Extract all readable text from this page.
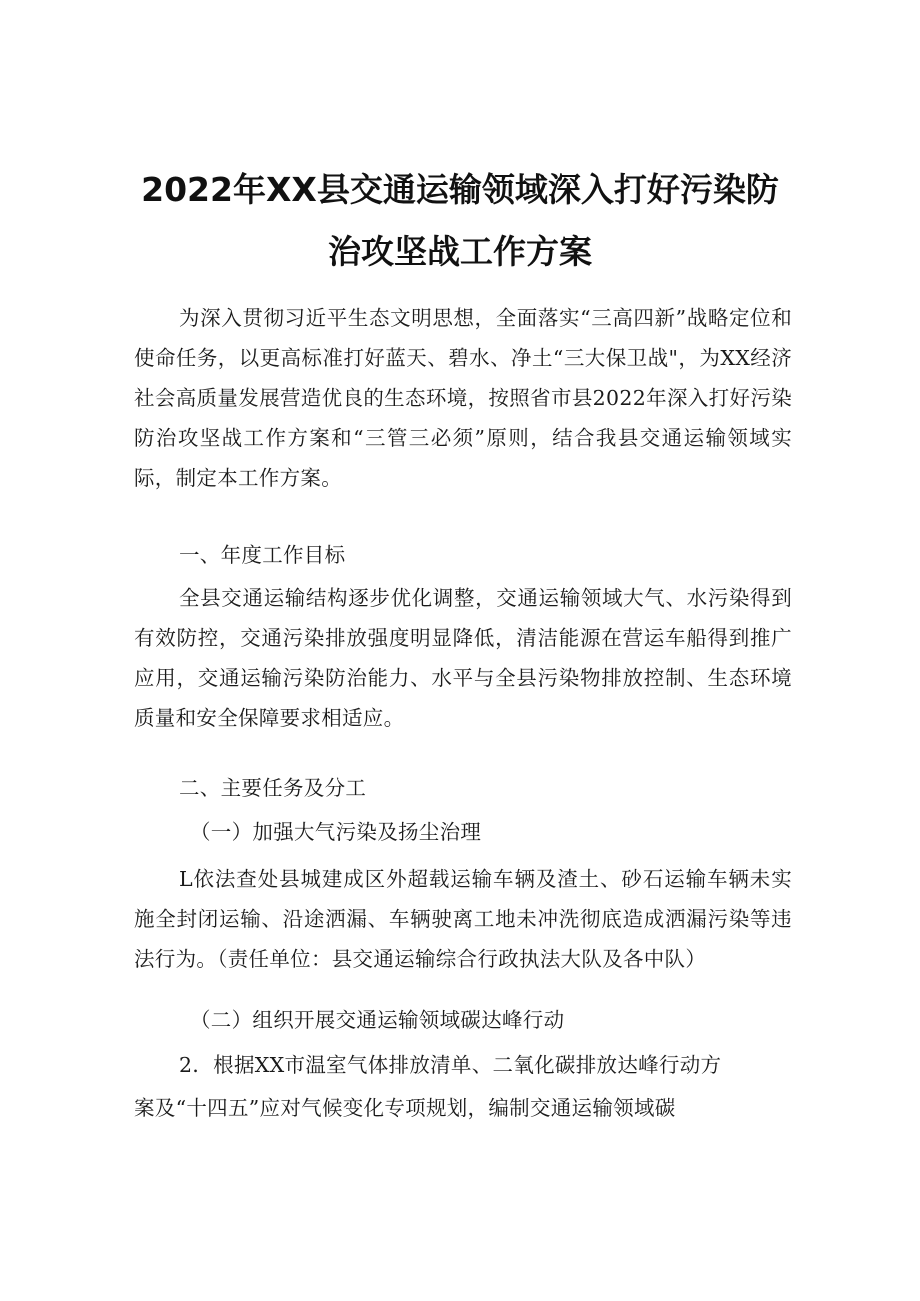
2022年XX县交通运输领域深入打好污染防
治攻坚战工作方案

为深入贯彻习近平生态文明思想，全面落实“三高四新”战略定位和使命任务，以更高标准打好蓝天、碧水、净土“三大保卫战"，为XX经济社会高质量发展营造优良的生态环境，按照省市县2022年深入打好污染防治攻坚战工作方案和“三管三必须”原则，结合我县交通运输领域实际，制定本工作方案。

一、年度工作目标

全县交通运输结构逐步优化调整，交通运输领域大气、水污染得到有效防控，交通污染排放强度明显降低，清洁能源在营运车船得到推广应用，交通运输污染防治能力、水平与全县污染物排放控制、生态环境质量和安全保障要求相适应。

二、主要任务及分工

（一）加强大气污染及扬尘治理

L依法查处县城建成区外超载运输车辆及渣土、砂石运输车辆未实施全封闭运输、沿途洒漏、车辆驶离工地未冲洗彻底造成洒漏污染等违法行为。（责任单位：县交通运输综合行政执法大队及各中队）

（二）组织开展交通运输领域碳达峰行动

2．根据XX市温室气体排放清单、二氧化碳排放达峰行动方

案及“十四五”应对气候变化专项规划，编制交通运输领域碳
